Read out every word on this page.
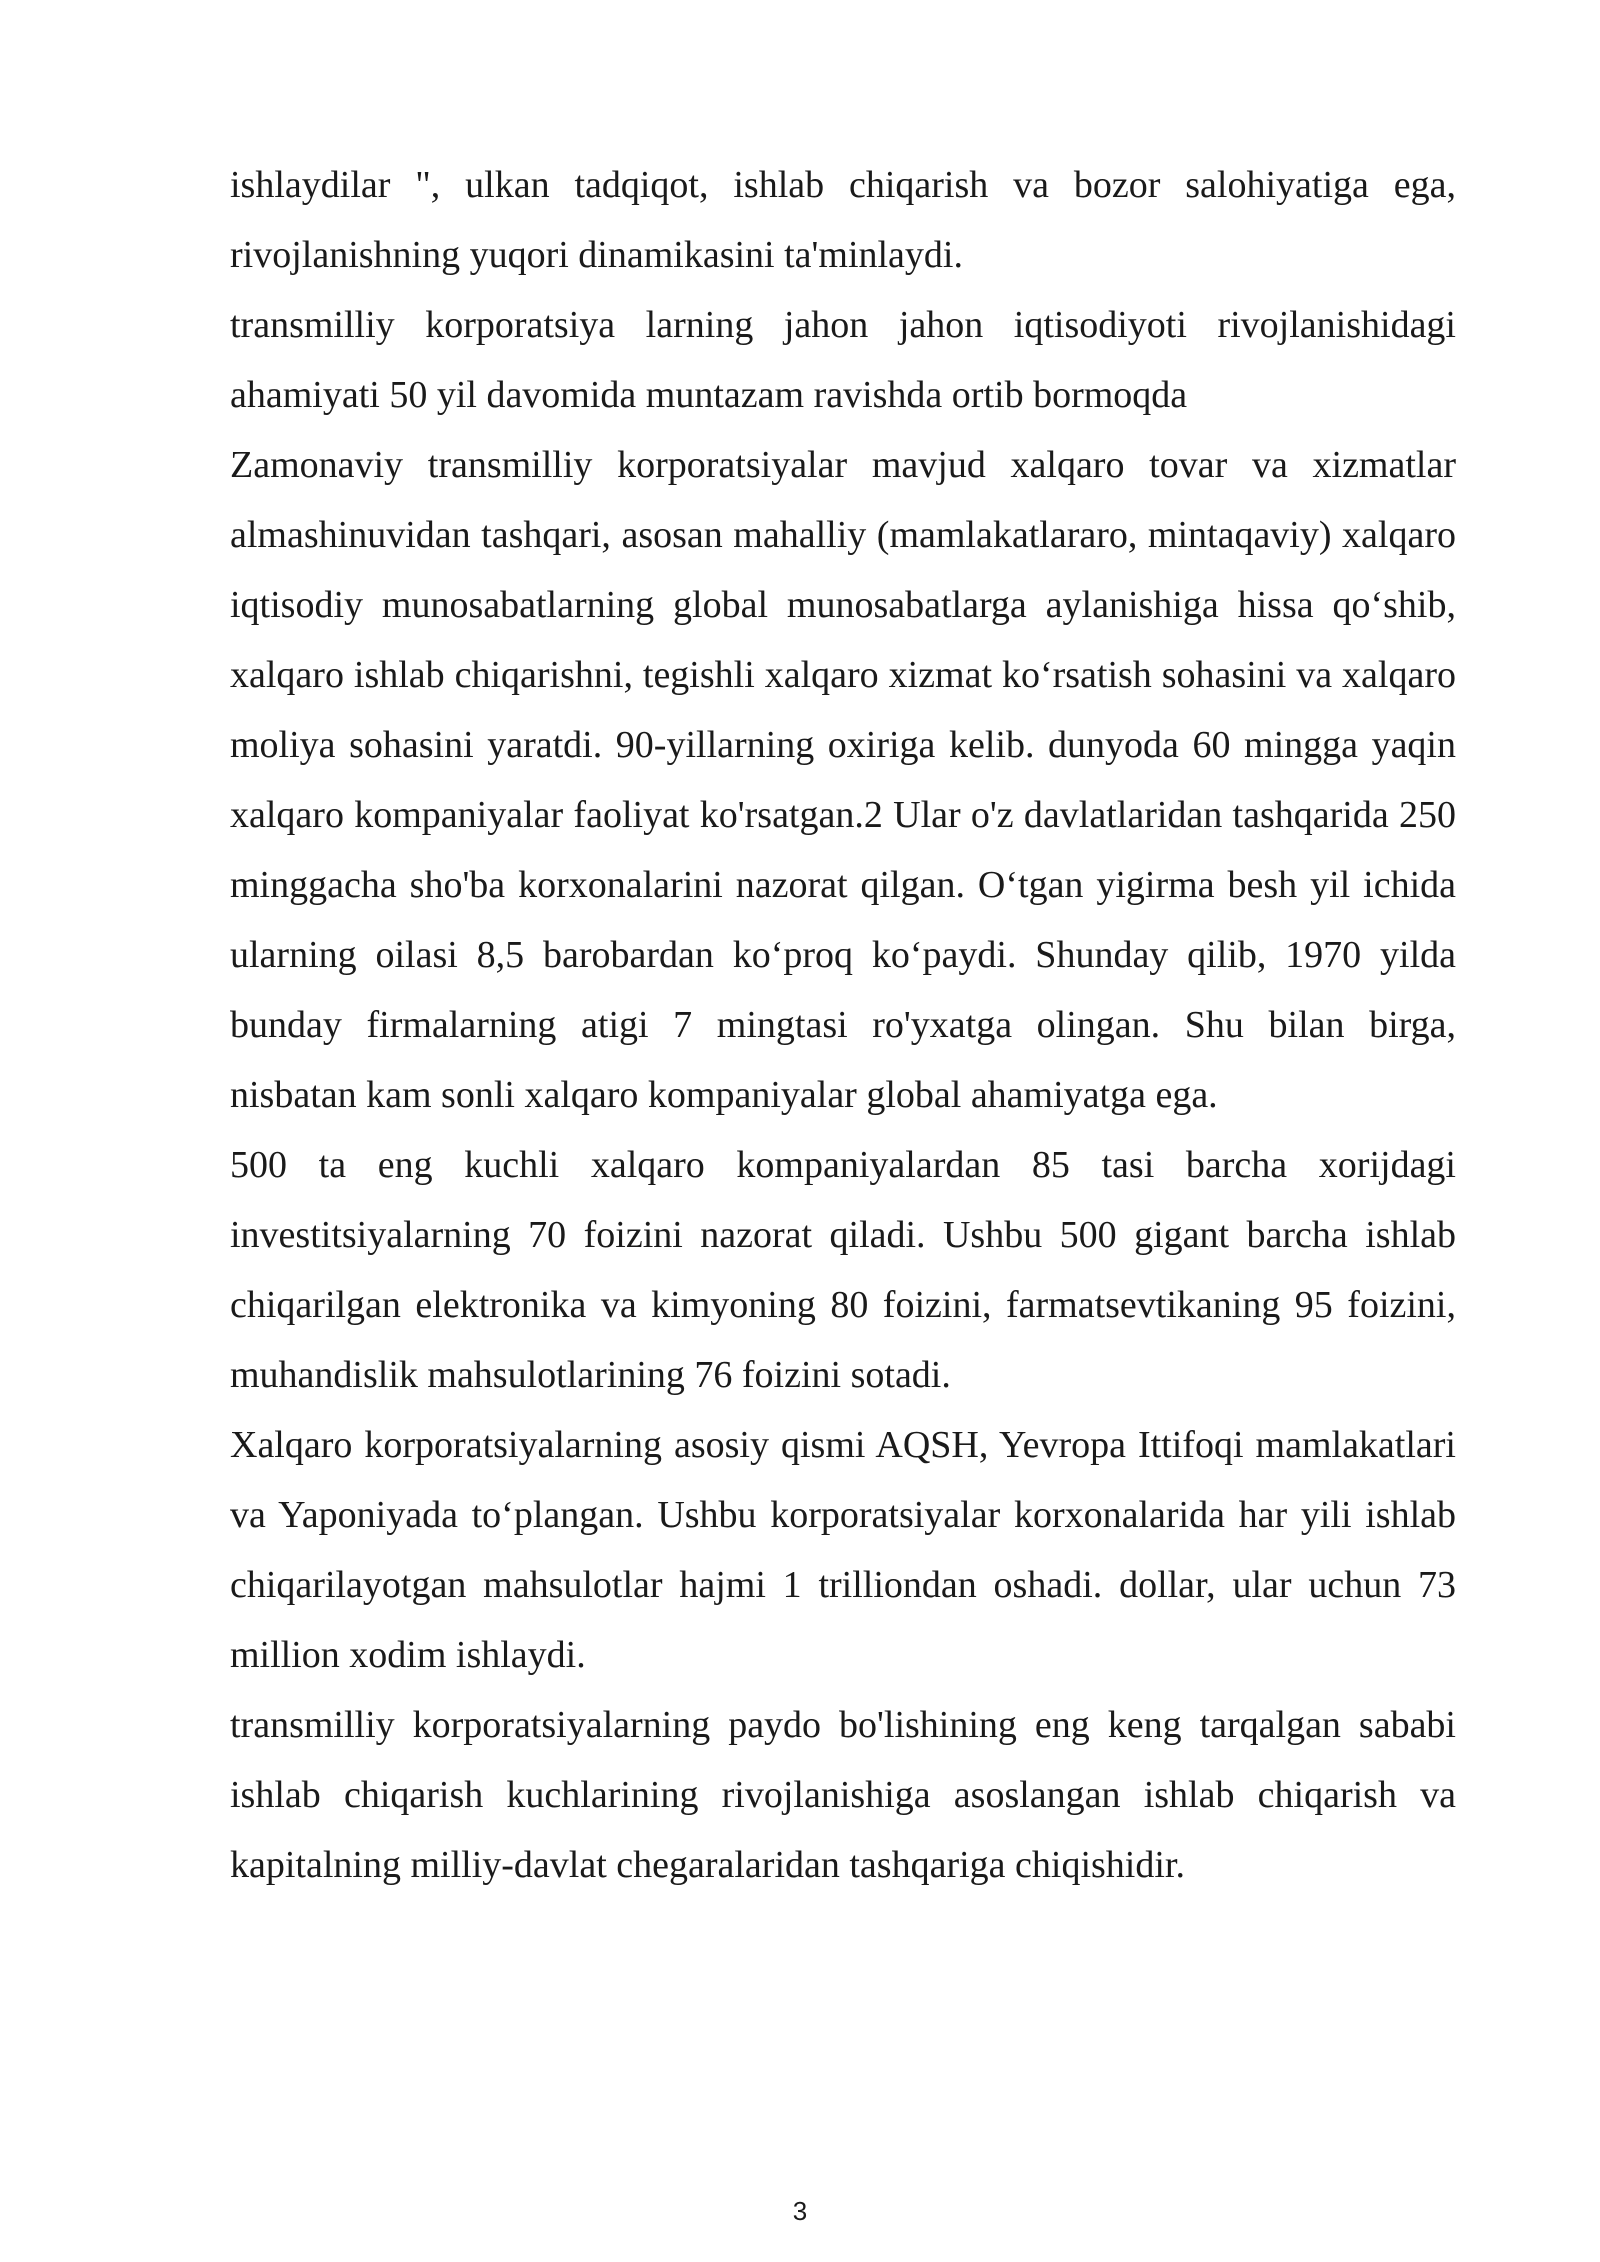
ishlaydilar ", ulkan tadqiqot, ishlab chiqarish va bozor salohiyatiga ega, rivojlanishning yuqori dinamikasini ta'minlaydi.

transmilliy korporatsiya larning jahon jahon iqtisodiyoti rivojlanishidagi ahamiyati 50 yil davomida muntazam ravishda ortib bormoqda

Zamonaviy transmilliy korporatsiyalar mavjud xalqaro tovar va xizmatlar almashinuvidan tashqari, asosan mahalliy (mamlakatlararo, mintaqaviy) xalqaro iqtisodiy munosabatlarning global munosabatlarga aylanishiga hissa qo‘shib, xalqaro ishlab chiqarishni, tegishli xalqaro xizmat ko‘rsatish sohasini va xalqaro moliya sohasini yaratdi. 90-yillarning oxiriga kelib. dunyoda 60 mingga yaqin xalqaro kompaniyalar faoliyat ko'rsatgan.2 Ular o'z davlatlaridan tashqarida 250 minggacha sho'ba korxonalarini nazorat qilgan. O‘tgan yigirma besh yil ichida ularning oilasi 8,5 barobardan ko‘proq ko‘paydi. Shunday qilib, 1970 yilda bunday firmalarning atigi 7 mingtasi ro'yxatga olingan. Shu bilan birga, nisbatan kam sonli xalqaro kompaniyalar global ahamiyatga ega.

500 ta eng kuchli xalqaro kompaniyalardan 85 tasi barcha xorijdagi investitsiyalarning 70 foizini nazorat qiladi. Ushbu 500 gigant barcha ishlab chiqarilgan elektronika va kimyoning 80 foizini, farmatsevtikaning 95 foizini, muhandislik mahsulotlarining 76 foizini sotadi.

Xalqaro korporatsiyalarning asosiy qismi AQSH, Yevropa Ittifoqi mamlakatlari va Yaponiyada to‘plangan. Ushbu korporatsiyalar korxonalarida har yili ishlab chiqarilayotgan mahsulotlar hajmi 1 trilliondan oshadi. dollar, ular uchun 73 million xodim ishlaydi.

transmilliy korporatsiyalarning paydo bo'lishining eng keng tarqalgan sababi ishlab chiqarish kuchlarining rivojlanishiga asoslangan ishlab chiqarish va kapitalning milliy-davlat chegaralaridan tashqariga chiqishidir.

3
